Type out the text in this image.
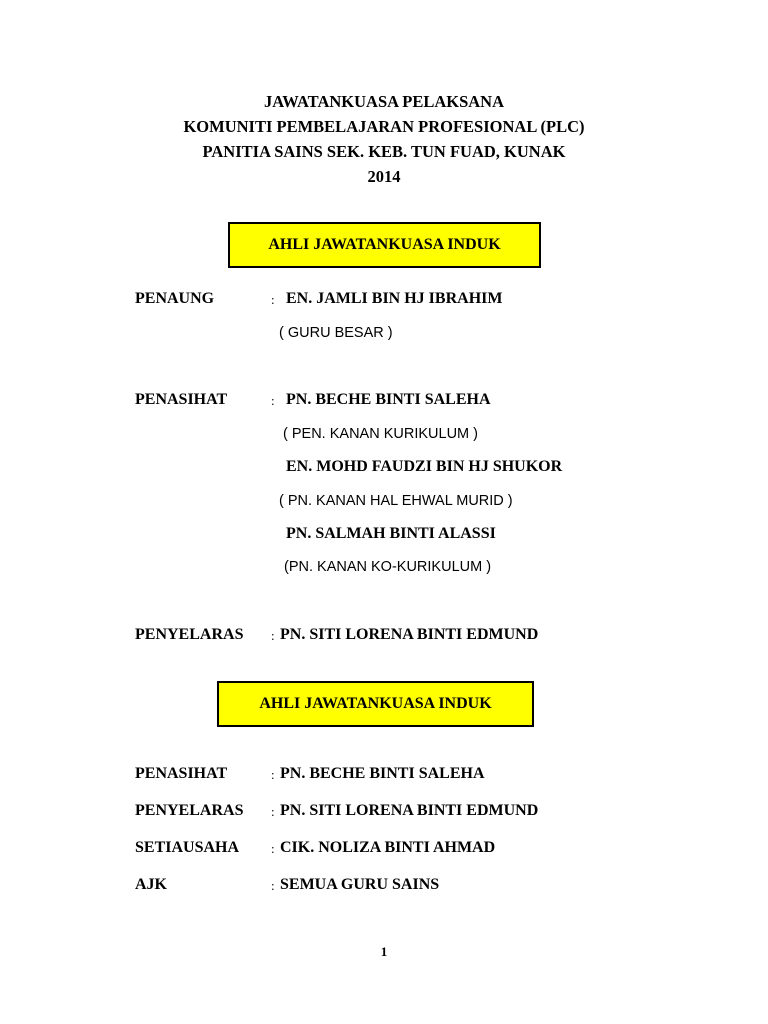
JAWATANKUASA PELAKSANA
KOMUNITI PEMBELAJARAN PROFESIONAL (PLC)
PANITIA SAINS SEK. KEB. TUN FUAD, KUNAK
2014
AHLI JAWATANKUASA INDUK
PENAUNG	: EN. JAMLI BIN HJ IBRAHIM
( GURU BESAR )
PENASIHAT	: PN. BECHE BINTI SALEHA
( PEN. KANAN KURIKULUM )
EN. MOHD FAUDZI BIN HJ SHUKOR
( PN. KANAN HAL EHWAL MURID )
PN. SALMAH BINTI ALASSI
(PN. KANAN KO-KURIKULUM )
PENYELARAS : PN. SITI LORENA BINTI EDMUND
AHLI JAWATANKUASA INDUK
PENASIHAT	: PN. BECHE BINTI SALEHA
PENYELARAS : PN. SITI LORENA BINTI EDMUND
SETIAUSAHA : CIK. NOLIZA BINTI AHMAD
AJK	: SEMUA GURU SAINS
1
